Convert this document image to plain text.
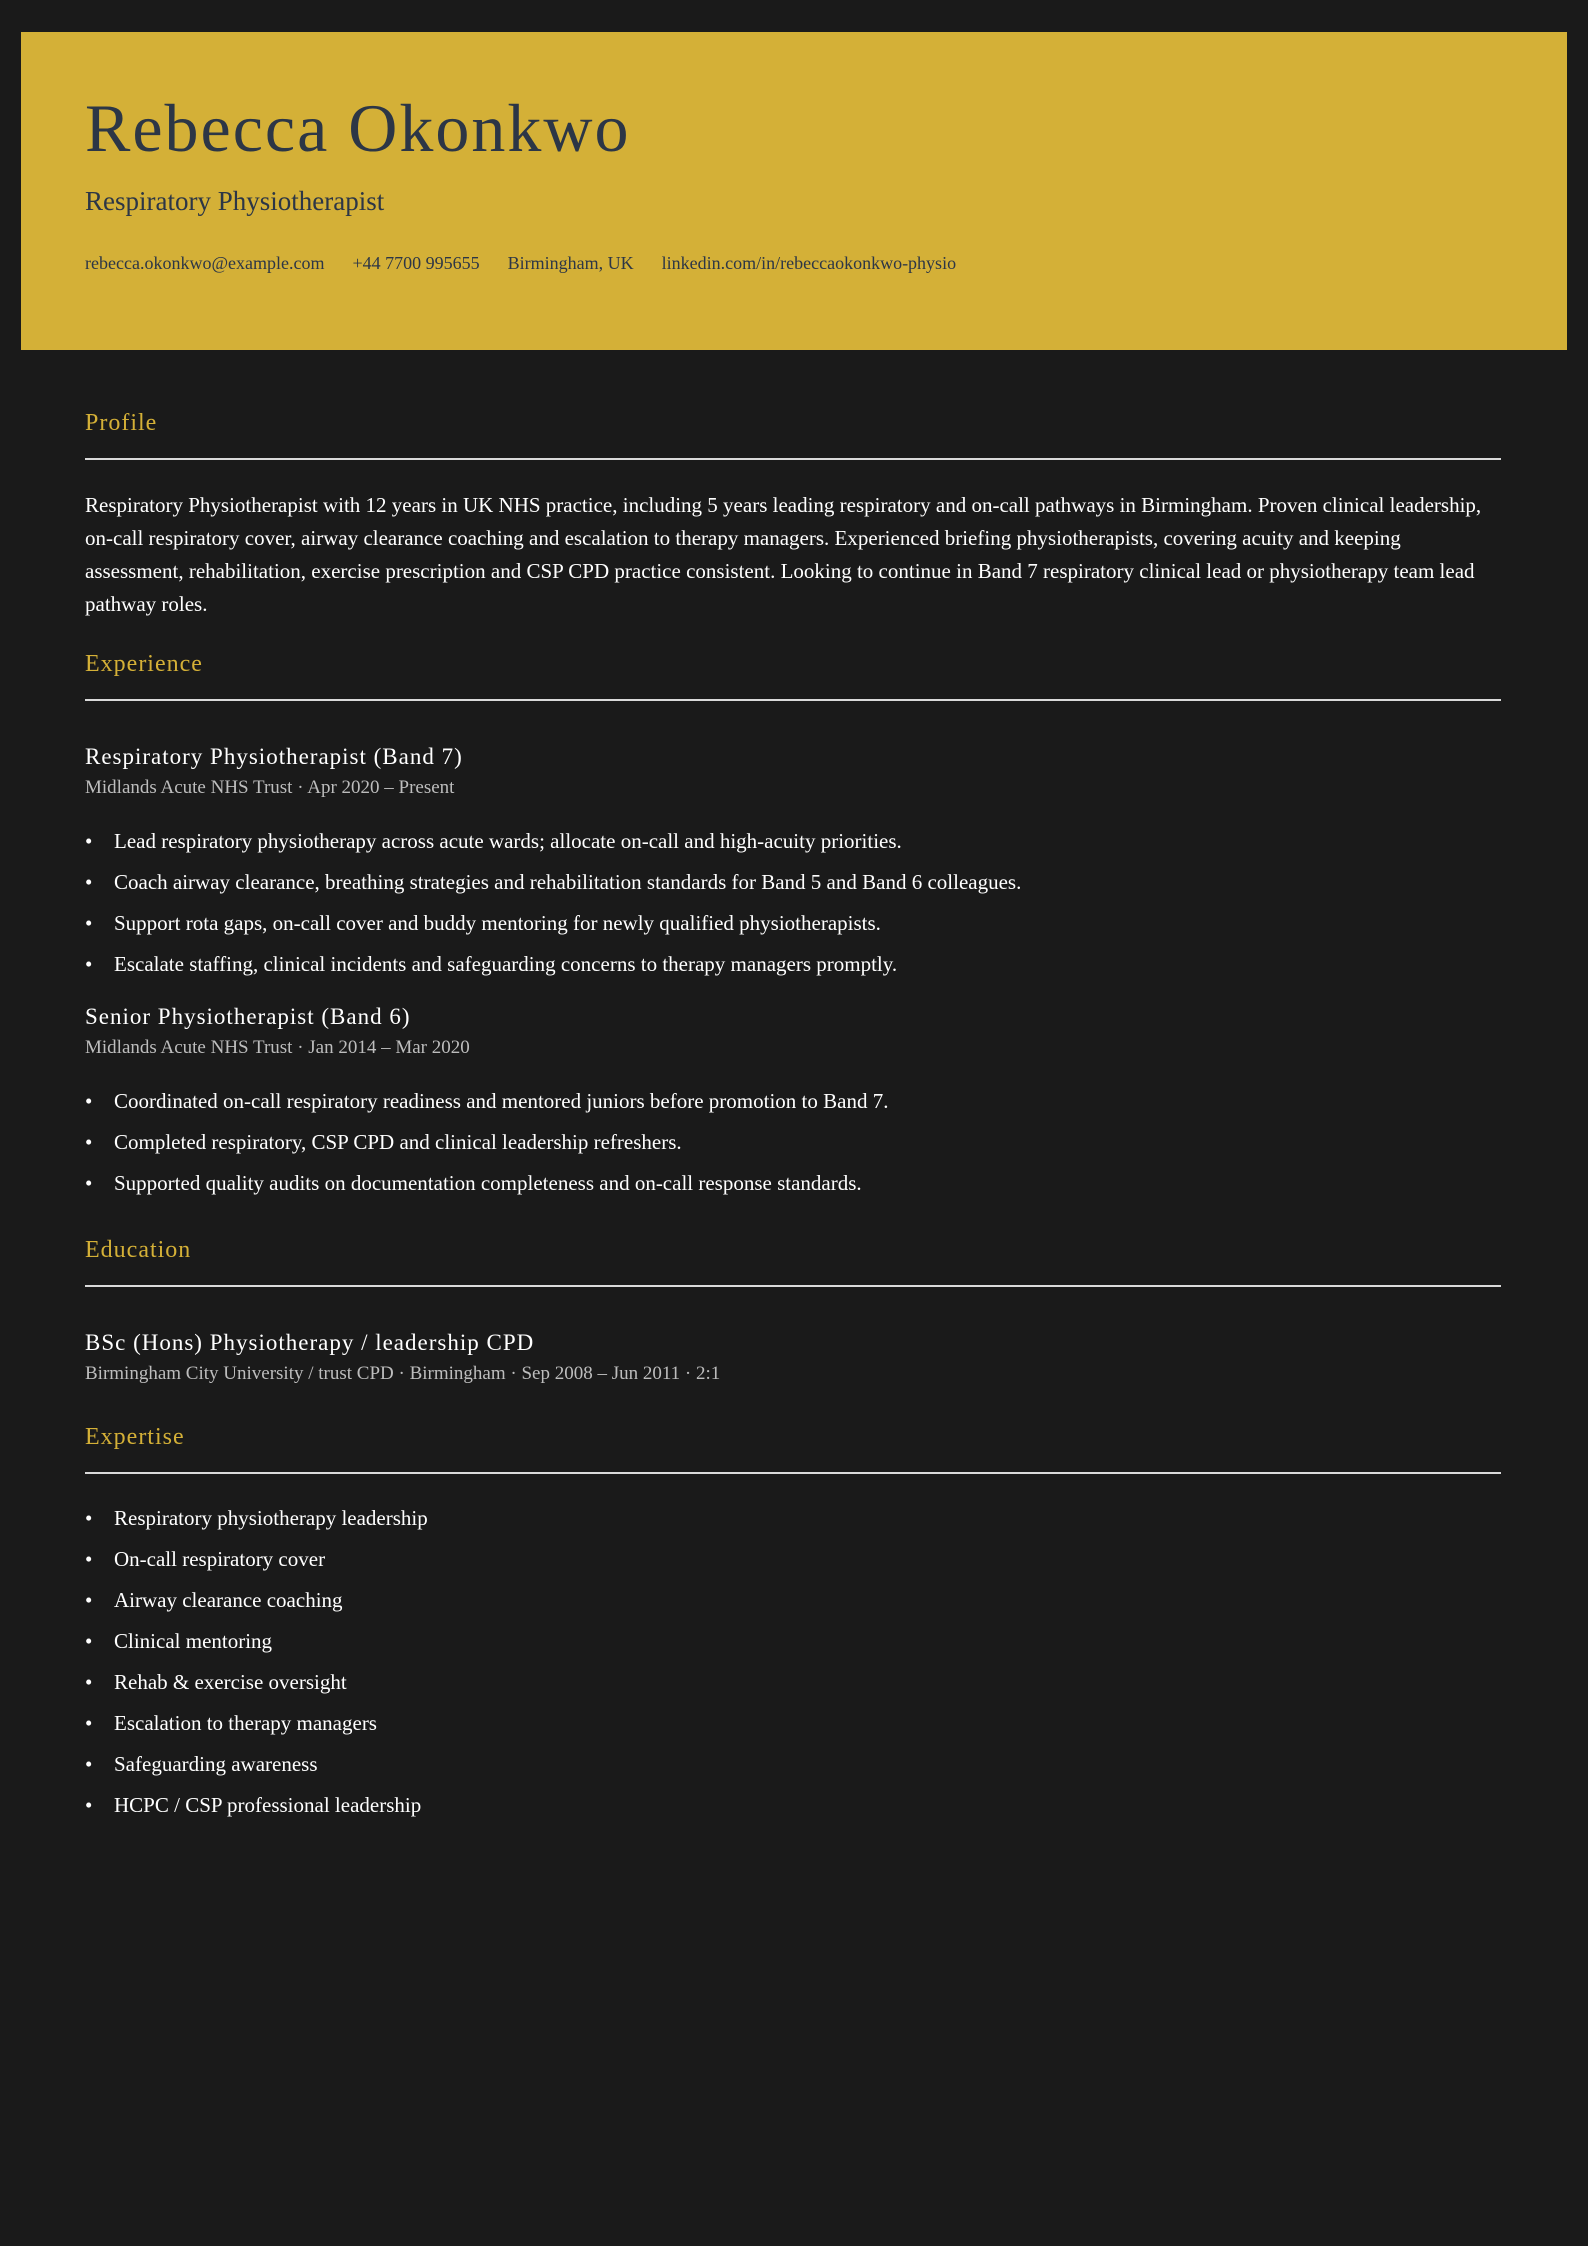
Rebecca Okonkwo
Respiratory Physiotherapist
rebecca.okonkwo@example.com +44 7700 995655 Birmingham, UK linkedin.com/in/rebeccaokonkwo-physio
Profile

Respiratory Physiotherapist with 12 years in UK NHS practice, including 5 years leading respiratory and on-call pathways in Birmingham. Proven clinical leadership, on-call respiratory cover, airway clearance coaching and escalation to therapy managers. Experienced briefing physiotherapists, covering acuity and keeping assessment, rehabilitation, exercise prescription and CSP CPD practice consistent. Looking to continue in Band 7 respiratory clinical lead or physiotherapy team lead pathway roles.

Experience
Respiratory Physiotherapist (Band 7)

Midlands Acute NHS Trust · Apr 2020 – Present

• Lead respiratory physiotherapy across acute wards; allocate on-call and high-acuity priorities.
• Coach airway clearance, breathing strategies and rehabilitation standards for Band 5 and Band 6 colleagues.
• Support rota gaps, on-call cover and buddy mentoring for newly qualified physiotherapists.
• Escalate staffing, clinical incidents and safeguarding concerns to therapy managers promptly.
Senior Physiotherapist (Band 6)

Midlands Acute NHS Trust · Jan 2014 – Mar 2020

• Coordinated on-call respiratory readiness and mentored juniors before promotion to Band 7.
• Completed respiratory, CSP CPD and clinical leadership refreshers.
• Supported quality audits on documentation completeness and on-call response standards.
Education
BSc (Hons) Physiotherapy / leadership CPD

Birmingham City University / trust CPD · Birmingham · Sep 2008 – Jun 2011 · 2:1

Expertise
• Respiratory physiotherapy leadership
• On-call respiratory cover
• Airway clearance coaching
• Clinical mentoring
• Rehab & exercise oversight
• Escalation to therapy managers
• Safeguarding awareness
• HCPC / CSP professional leadership
